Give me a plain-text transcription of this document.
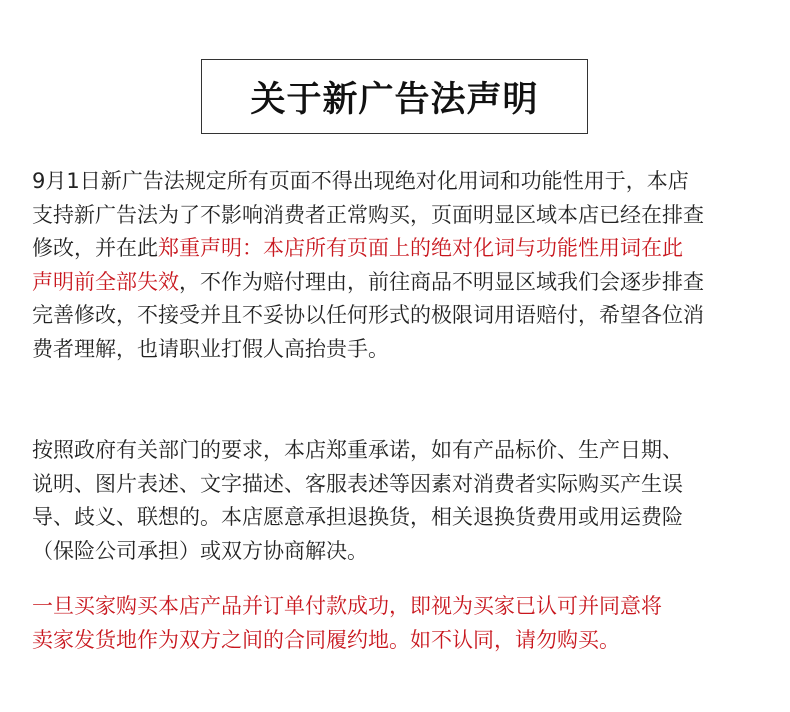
关于新广告法声明
9月1日新广告法规定所有页面不得出现绝对化用词和功能性用于，本店
支持新广告法为了不影响消费者正常购买，页面明显区域本店已经在排查
修改，并在此郑重声明：本店所有页面上的绝对化词与功能性用词在此
声明前全部失效，不作为赔付理由，前往商品不明显区域我们会逐步排查
完善修改，不接受并且不妥协以任何形式的极限词用语赔付，希望各位消
费者理解，也请职业打假人高抬贵手。
按照政府有关部门的要求，本店郑重承诺，如有产品标价、生产日期、
说明、图片表述、文字描述、客服表述等因素对消费者实际购买产生误
导、歧义、联想的。本店愿意承担退换货，相关退换货费用或用运费险
（保险公司承担）或双方协商解决。
一旦买家购买本店产品并订单付款成功，即视为买家已认可并同意将
卖家发货地作为双方之间的合同履约地。如不认同，请勿购买。
